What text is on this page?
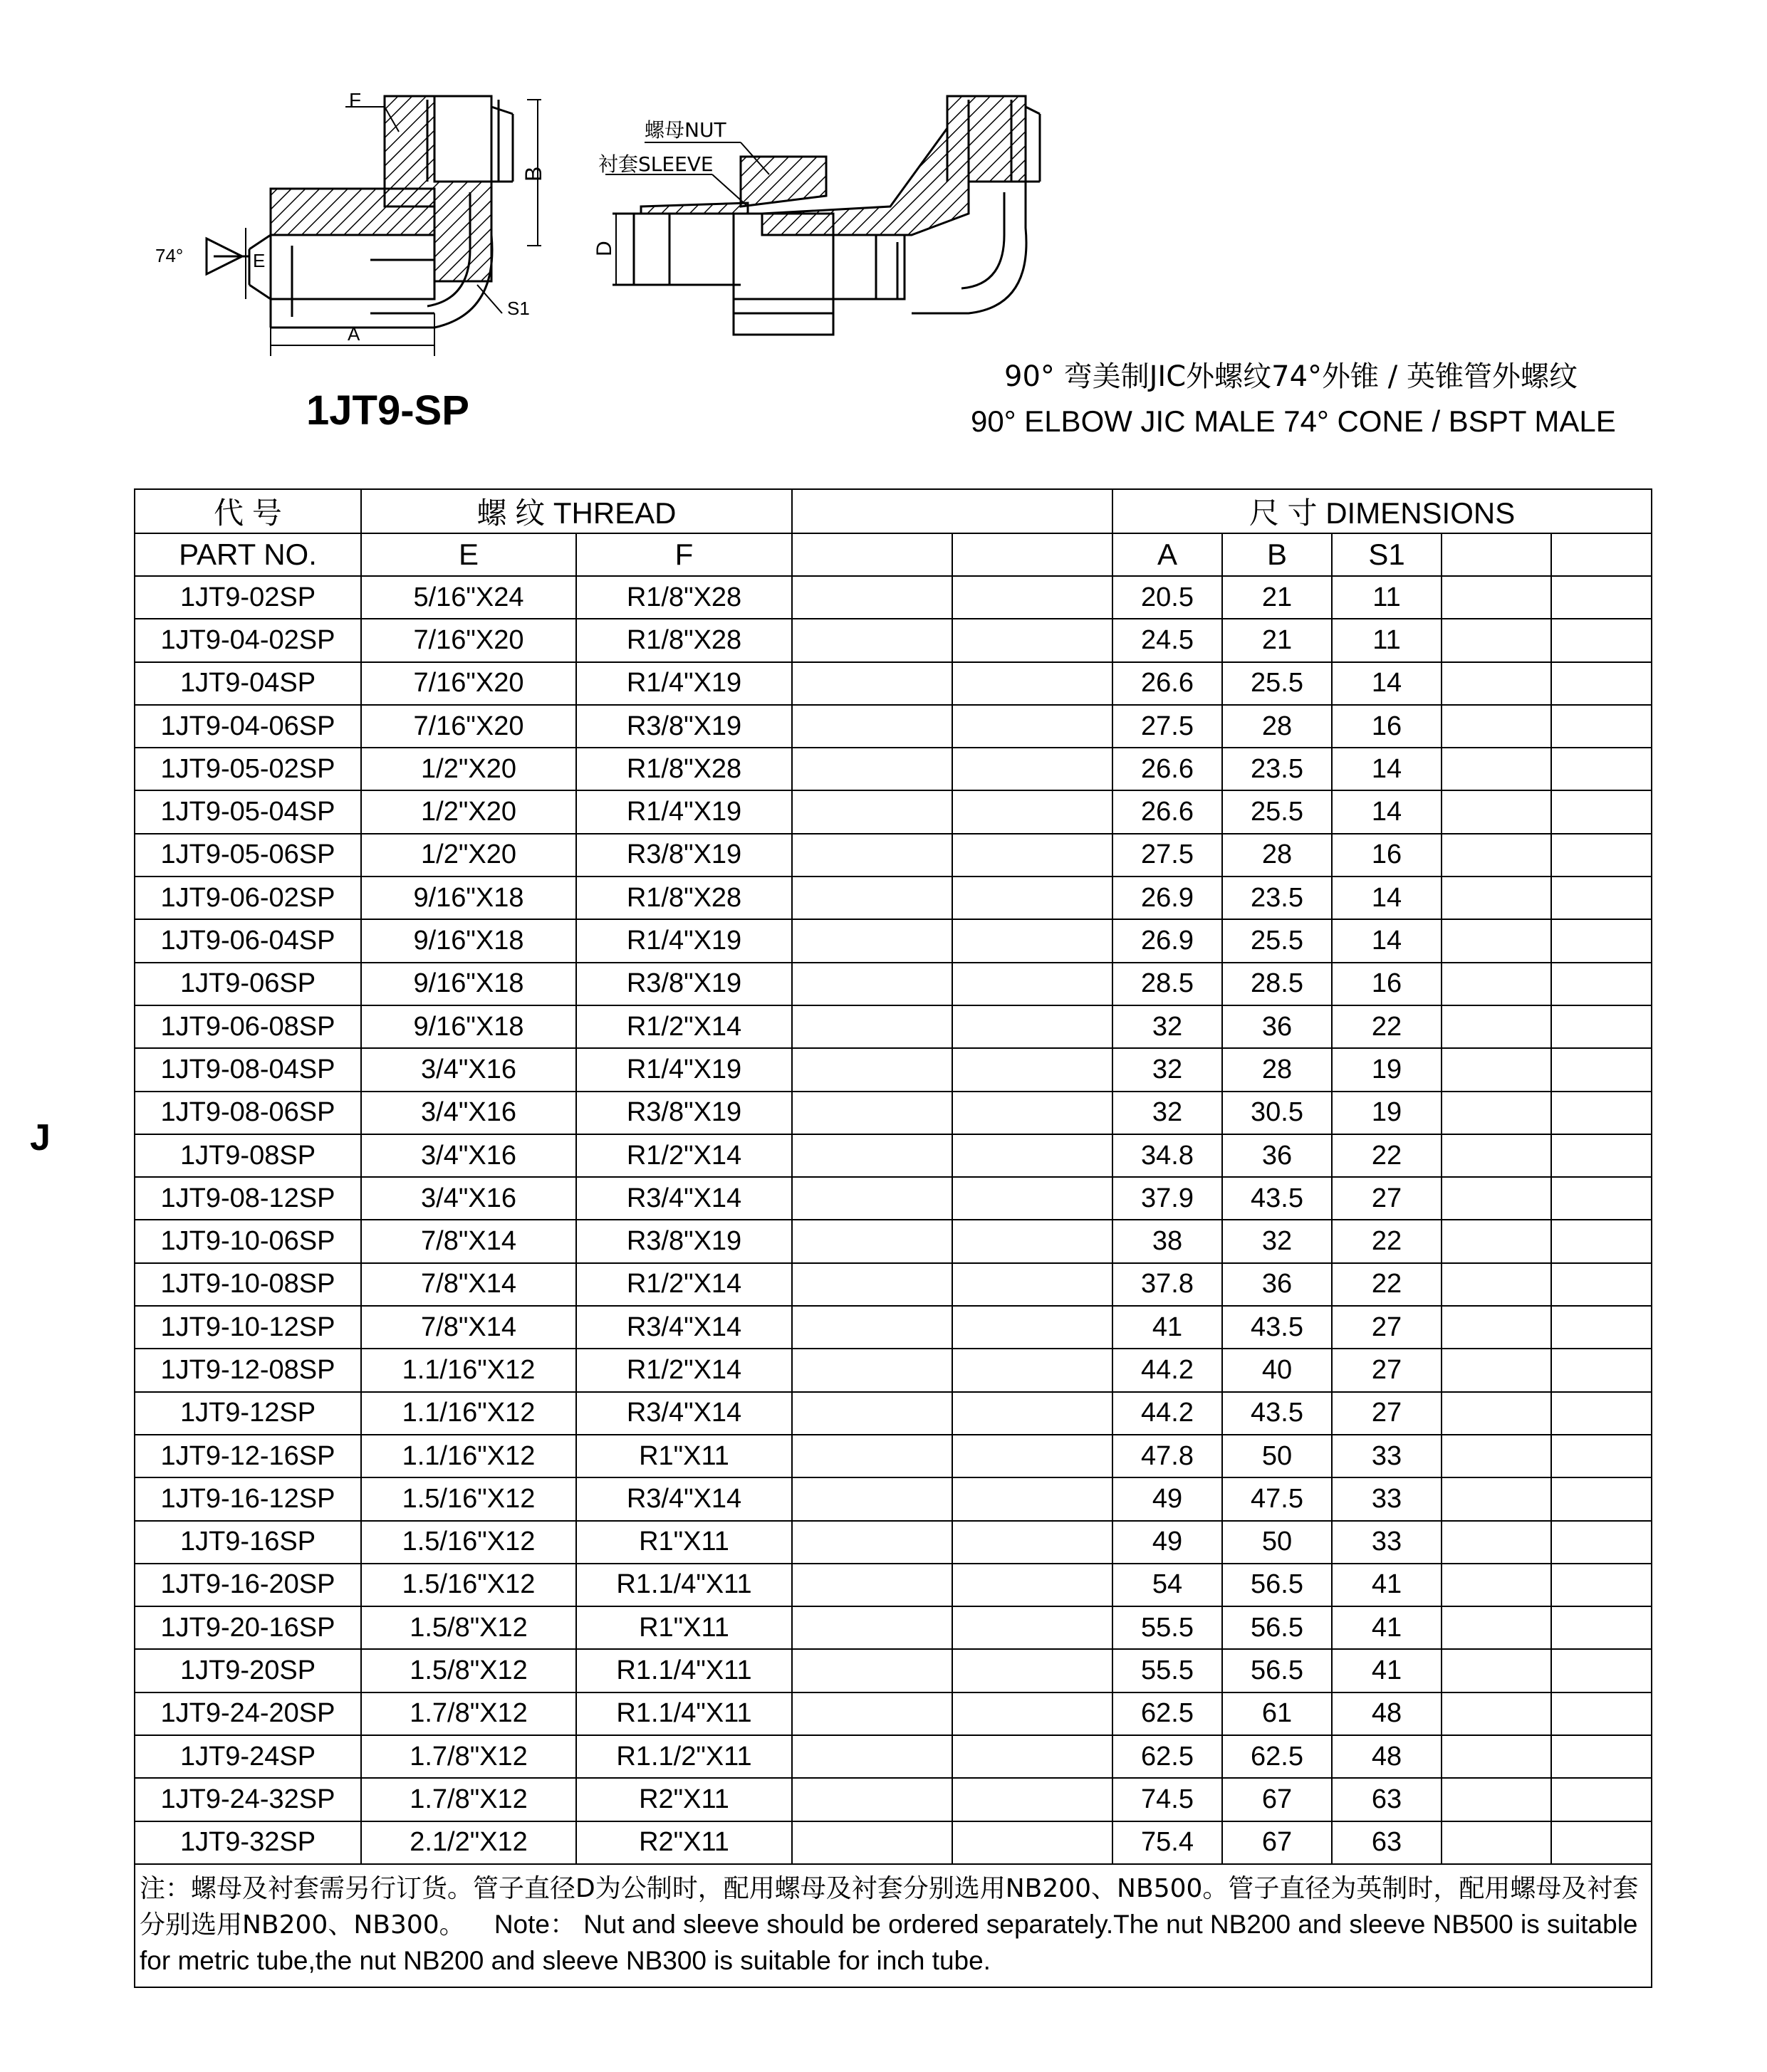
F
B
E
A
S1
74°	D
螺母NUT
衬套SLEEVE
1JT9-SP
90° 弯美制JIC外螺纹74°外锥 / 英锥管外螺纹
90° ELBOW JIC MALE 74° CONE / BSPT MALE
J
代 号	螺 纹 THREAD				尺 寸 DIMENSIONS				
PART NO.	E	F			A	B	S1		
1JT9-02SP	5/16"X24	R1/8"X28			20.5	21	11		
1JT9-04-02SP	7/16"X20	R1/8"X28			24.5	21	11		
1JT9-04SP	7/16"X20	R1/4"X19			26.6	25.5	14		
1JT9-04-06SP	7/16"X20	R3/8"X19			27.5	28	16		
1JT9-05-02SP	1/2"X20	R1/8"X28			26.6	23.5	14		
1JT9-05-04SP	1/2"X20	R1/4"X19			26.6	25.5	14		
1JT9-05-06SP	1/2"X20	R3/8"X19			27.5	28	16		
1JT9-06-02SP	9/16"X18	R1/8"X28			26.9	23.5	14		
1JT9-06-04SP	9/16"X18	R1/4"X19			26.9	25.5	14		
1JT9-06SP	9/16"X18	R3/8"X19			28.5	28.5	16		
1JT9-06-08SP	9/16"X18	R1/2"X14			32	36	22		
1JT9-08-04SP	3/4"X16	R1/4"X19			32	28	19		
1JT9-08-06SP	3/4"X16	R3/8"X19			32	30.5	19		
1JT9-08SP	3/4"X16	R1/2"X14			34.8	36	22		
1JT9-08-12SP	3/4"X16	R3/4"X14			37.9	43.5	27		
1JT9-10-06SP	7/8"X14	R3/8"X19			38	32	22		
1JT9-10-08SP	7/8"X14	R1/2"X14			37.8	36	22		
1JT9-10-12SP	7/8"X14	R3/4"X14			41	43.5	27		
1JT9-12-08SP	1.1/16"X12	R1/2"X14			44.2	40	27		
1JT9-12SP	1.1/16"X12	R3/4"X14			44.2	43.5	27		
1JT9-12-16SP	1.1/16"X12	R1"X11			47.8	50	33		
1JT9-16-12SP	1.5/16"X12	R3/4"X14			49	47.5	33		
1JT9-16SP	1.5/16"X12	R1"X11			49	50	33		
1JT9-16-20SP	1.5/16"X12	R1.1/4"X11			54	56.5	41		
1JT9-20-16SP	1.5/8"X12	R1"X11			55.5	56.5	41		
1JT9-20SP	1.5/8"X12	R1.1/4"X11			55.5	56.5	41		
1JT9-24-20SP	1.7/8"X12	R1.1/4"X11			62.5	61	48		
1JT9-24SP	1.7/8"X12	R1.1/2"X11			62.5	62.5	48		
1JT9-24-32SP	1.7/8"X12	R2"X11			74.5	67	63		
1JT9-32SP	2.1/2"X12	R2"X11			75.4	67	63		
注：螺母及衬套需另行订货。管子直径D为公制时，配用螺母及衬套分别选用NB200、NB500。管子直径为英制时，配用螺母及衬套分别选用NB200、NB300。 Note： Nut and sleeve should be ordered separately.The nut NB200 and sleeve NB500 is suitable for metric tube,the nut NB200 and sleeve NB300 is suitable for inch tube.									
